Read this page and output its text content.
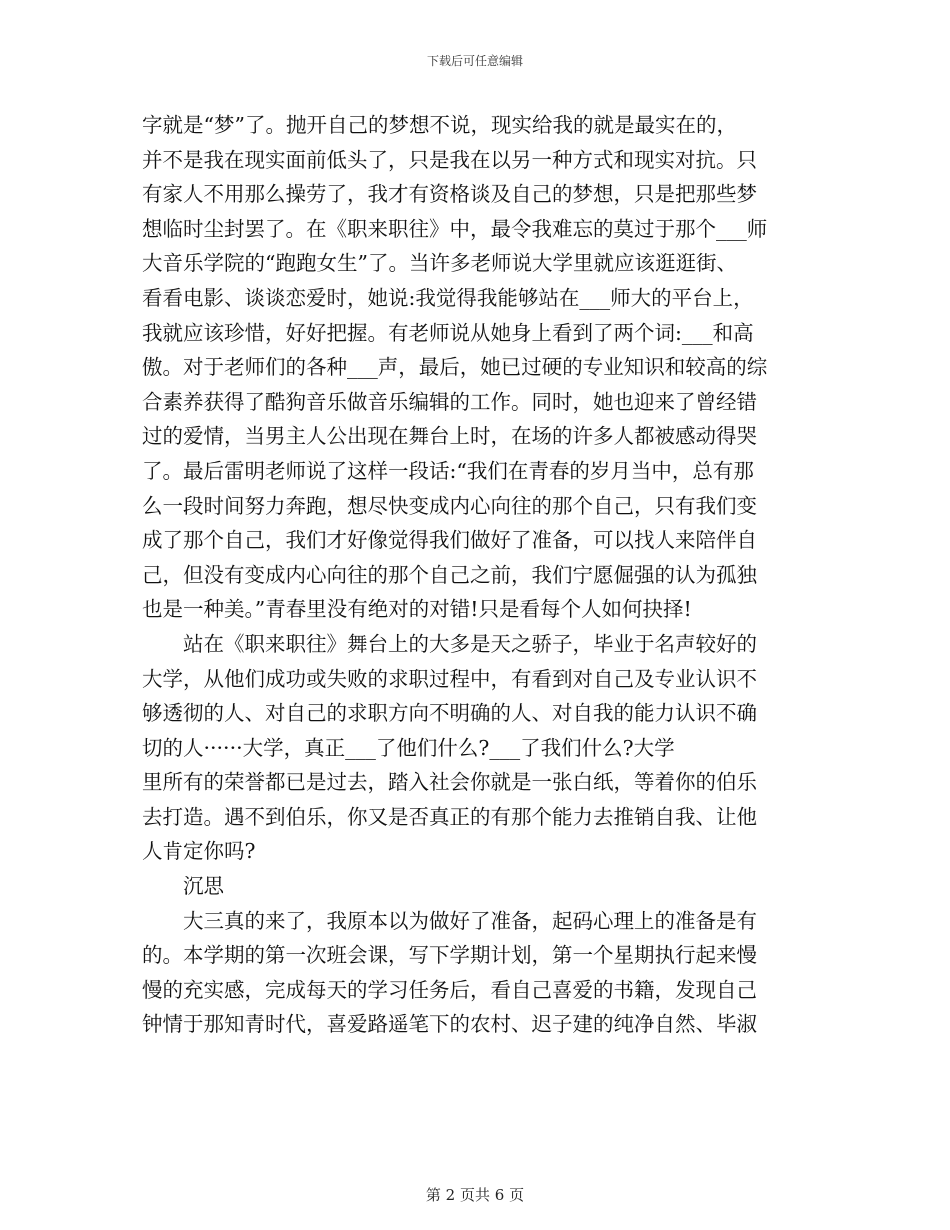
下载后可任意编辑
字就是“梦”了。抛开自己的梦想不说，现实给我的就是最实在的，
并不是我在现实面前低头了，只是我在以另一种方式和现实对抗。只
有家人不用那么操劳了，我才有资格谈及自己的梦想，只是把那些梦
想临时尘封罢了。在《职来职往》中，最令我难忘的莫过于那个___师
大音乐学院的“跑跑女生”了。当许多老师说大学里就应该逛逛街、
看看电影、谈谈恋爱时，她说:我觉得我能够站在___师大的平台上，
我就应该珍惜，好好把握。有老师说从她身上看到了两个词:___和高
傲。对于老师们的各种___声，最后，她已过硬的专业知识和较高的综
合素养获得了酷狗音乐做音乐编辑的工作。同时，她也迎来了曾经错
过的爱情，当男主人公出现在舞台上时，在场的许多人都被感动得哭
了。最后雷明老师说了这样一段话:“我们在青春的岁月当中，总有那
么一段时间努力奔跑，想尽快变成内心向往的那个自己，只有我们变
成了那个自己，我们才好像觉得我们做好了准备，可以找人来陪伴自
己，但没有变成内心向往的那个自己之前，我们宁愿倔强的认为孤独
也是一种美。”青春里没有绝对的对错!只是看每个人如何抉择!
站在《职来职往》舞台上的大多是天之骄子，毕业于名声较好的
大学，从他们成功或失败的求职过程中，有看到对自己及专业认识不
够透彻的人、对自己的求职方向不明确的人、对自我的能力认识不确
切的人······大学，真正___了他们什么?___了我们什么?大学
里所有的荣誉都已是过去，踏入社会你就是一张白纸，等着你的伯乐
去打造。遇不到伯乐，你又是否真正的有那个能力去推销自我、让他
人肯定你吗?
沉思
大三真的来了，我原本以为做好了准备，起码心理上的准备是有
的。本学期的第一次班会课，写下学期计划，第一个星期执行起来慢
慢的充实感，完成每天的学习任务后，看自己喜爱的书籍，发现自己
钟情于那知青时代，喜爱路遥笔下的农村、迟子建的纯净自然、毕淑
第 2 页共 6 页
